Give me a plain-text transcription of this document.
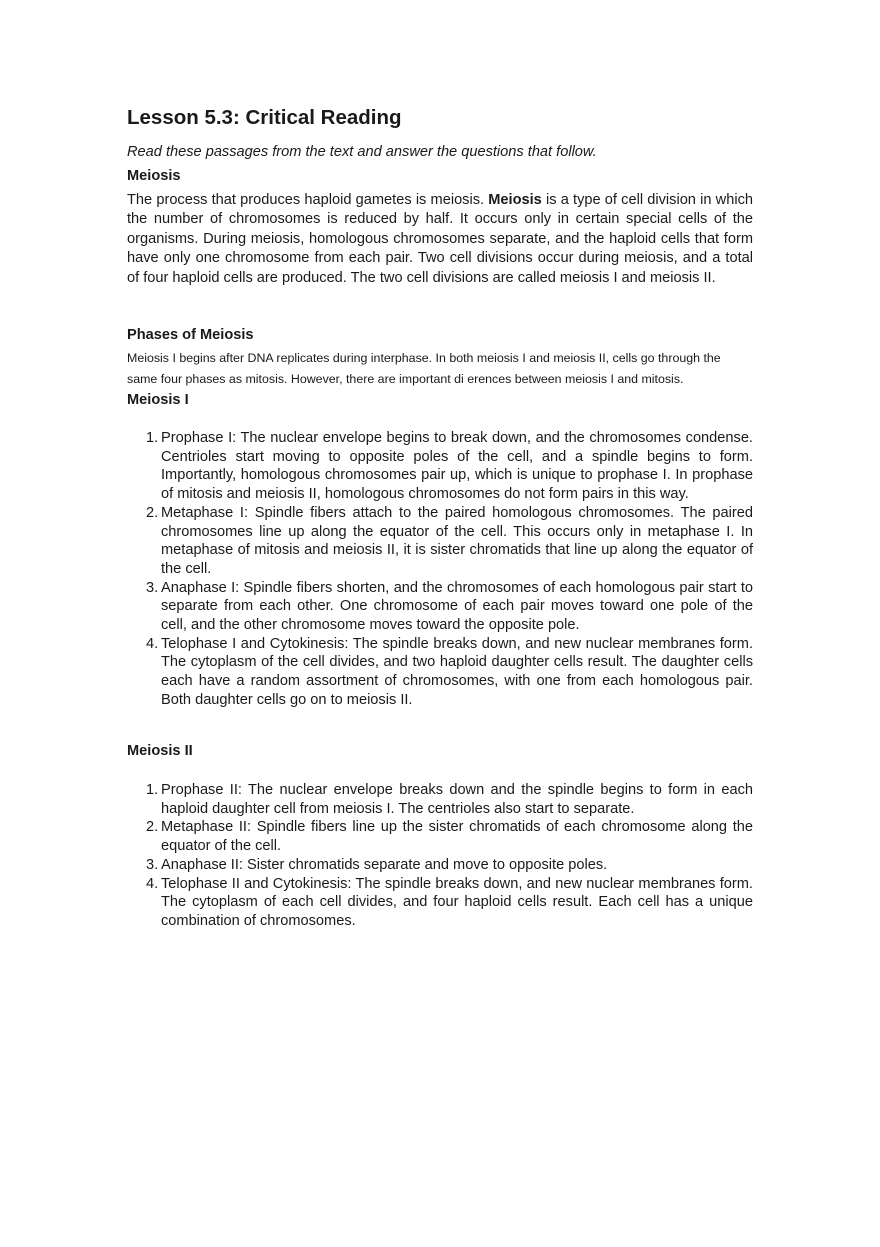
Lesson 5.3: Critical Reading

Read these passages from the text and answer the questions that follow.

Meiosis

The process that produces haploid gametes is meiosis. Meiosis is a type of cell division in which the number of chromosomes is reduced by half. It occurs only in certain special cells of the organisms. During meiosis, homologous chromosomes separate, and the haploid cells that form have only one chromosome from each pair. Two cell divisions occur during meiosis, and a total of four haploid cells are produced. The two cell divisions are called meiosis I and meiosis II.

Phases of Meiosis

Meiosis I begins after DNA replicates during interphase. In both meiosis I and meiosis II, cells go through the same four phases as mitosis. However, there are important di erences between meiosis I and mitosis.

Meiosis I
1. Prophase I: The nuclear envelope begins to break down, and the chromosomes condense. Centrioles start moving to opposite poles of the cell, and a spindle begins to form. Importantly, homologous chromosomes pair up, which is unique to prophase I. In prophase of mitosis and meiosis II, homologous chromosomes do not form pairs in this way.
2. Metaphase I: Spindle fibers attach to the paired homologous chromosomes. The paired chromosomes line up along the equator of the cell. This occurs only in metaphase I. In metaphase of mitosis and meiosis II, it is sister chromatids that line up along the equator of the cell.
3. Anaphase I: Spindle fibers shorten, and the chromosomes of each homologous pair start to separate from each other. One chromosome of each pair moves toward one pole of the cell, and the other chromosome moves toward the opposite pole.
4. Telophase I and Cytokinesis: The spindle breaks down, and new nuclear membranes form. The cytoplasm of the cell divides, and two haploid daughter cells result. The daughter cells each have a random assortment of chromosomes, with one from each homologous pair. Both daughter cells go on to meiosis II.
Meiosis II
1. Prophase II: The nuclear envelope breaks down and the spindle begins to form in each haploid daughter cell from meiosis I. The centrioles also start to separate.
2. Metaphase II: Spindle fibers line up the sister chromatids of each chromosome along the equator of the cell.
3. Anaphase II: Sister chromatids separate and move to opposite poles.
4. Telophase II and Cytokinesis: The spindle breaks down, and new nuclear membranes form. The cytoplasm of each cell divides, and four haploid cells result. Each cell has a unique combination of chromosomes.
